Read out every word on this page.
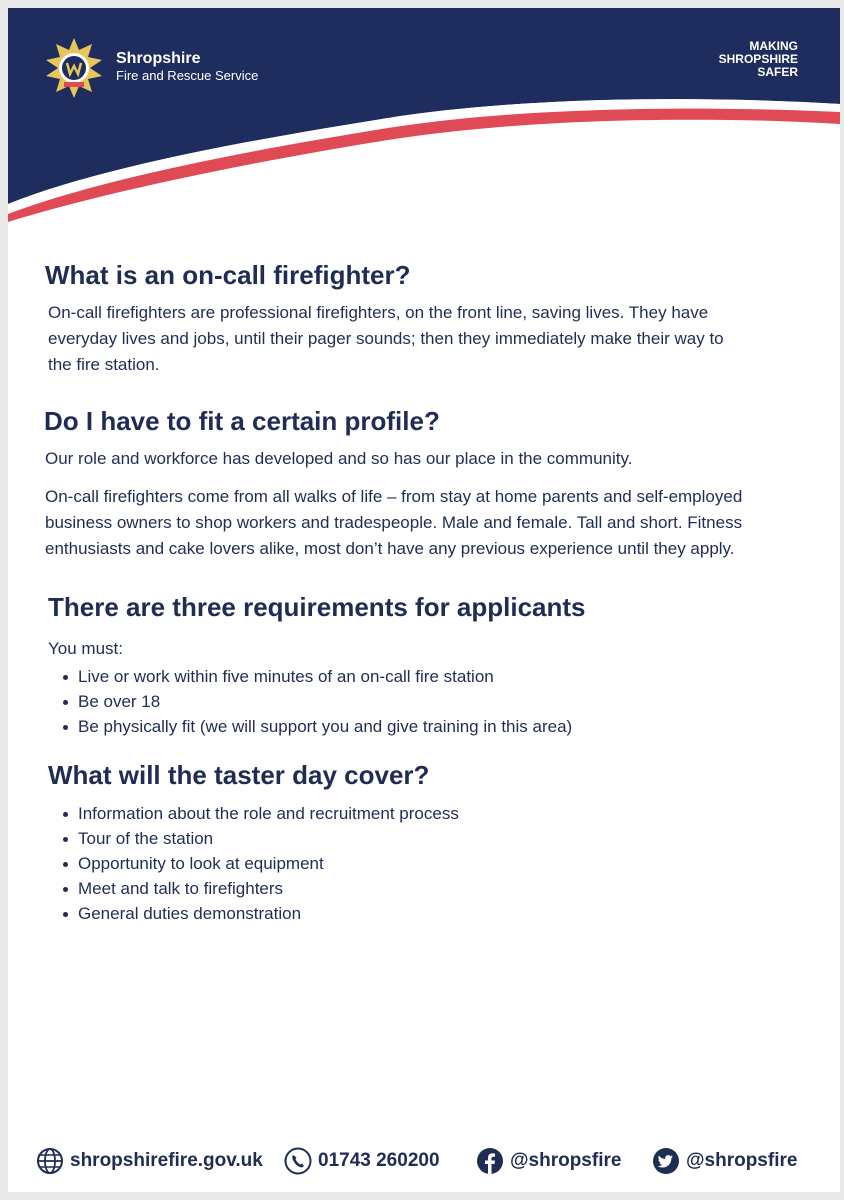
Shropshire
Fire and Rescue Service
MAKING
SHROPSHIRE
SAFER
What is an on-call firefighter?

On-call firefighters are professional firefighters, on the front line, saving lives. They have everyday lives and jobs, until their pager sounds; then they immediately make their way to the fire station.

Do I have to fit a certain profile?

Our role and workforce has developed and so has our place in the community.

On-call firefighters come from all walks of life – from stay at home parents and self-employed business owners to shop workers and tradespeople. Male and female. Tall and short. Fitness enthusiasts and cake lovers alike, most don’t have any previous experience until they apply.

There are three requirements for applicants

You must:

Live or work within five minutes of an on-call fire station
Be over 18
Be physically fit (we will support you and give training in this area)
What will the taster day cover?
Information about the role and recruitment process
Tour of the station
Opportunity to look at equipment
Meet and talk to firefighters
General duties demonstration
shropshirefire.gov.uk	01743 260200	@shropsfire	@shropsfire
